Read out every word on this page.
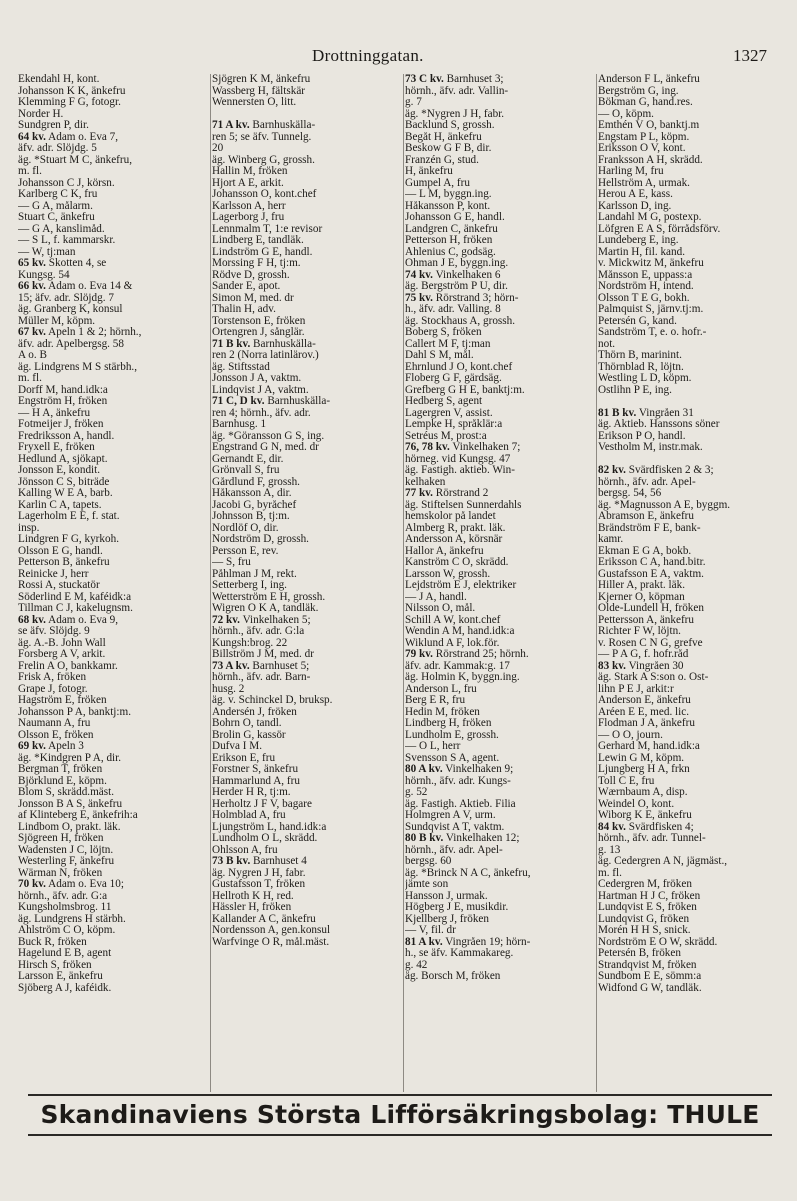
Drottninggatan.	1327
Ekendahl H, kont.
Johansson K K, änkefru
Klemming F G, fotogr.
Norder H.
Sundgren P, dir.
64 kv. Adam o. Eva 7,
äfv. adr. Slöjdg. 5
äg. *Stuart M C, änkefru,
m. fl.
Johansson C J, körsn.
Karlberg C K, fru
— G A, målarm.
Stuart C, änkefru
— G A, kanslimåd.
— S L, f. kammarskr.
— W, tj:man
65 kv. Skotten 4, se
Kungsg. 54
66 kv. Adam o. Eva 14 &
15; äfv. adr. Slöjdg. 7
äg. Granberg K, konsul
Müller M, köpm.
67 kv. Apeln 1 & 2; hörnh.,
äfv. adr. Apelbergsg. 58
A o. B
äg. Lindgrens M S stärbh.,
m. fl.
Dorff M, hand.idk:a
Engström H, fröken
— H A, änkefru
Fotmeijer J, fröken
Fredriksson A, handl.
Fryxell E, fröken
Hedlund A, sjökapt.
Jonsson E, kondit.
Jönsson C S, biträde
Kalling W E A, barb.
Karlin C A, tapets.
Lagerholm E E, f. stat.
insp.
Lindgren F G, kyrkoh.
Olsson E G, handl.
Petterson B, änkefru
Reinicke J, herr
Rossi A, stuckatör
Söderlind E M, kaféidk:a
Tillman C J, kakelugnsm.
68 kv. Adam o. Eva 9,
se äfv. Slöjdg. 9
äg. A.-B. John Wall
Forsberg A V, arkit.
Frelin A O, bankkamr.
Frisk A, fröken
Grape J, fotogr.
Hagström E, fröken
Johansson P A, banktj:m.
Naumann A, fru
Olsson E, fröken
69 kv. Apeln 3
äg. *Kindgren P A, dir.
Bergman T, fröken
Björklund E, köpm.
Blom S, skrädd.mäst.
Jonsson B A S, änkefru
af Klinteberg E, änkefrih:a
Lindbom O, prakt. läk.
Sjögreen H, fröken
Wadensten J C, löjtn.
Westerling F, änkefru
Wärman N, fröken
70 kv. Adam o. Eva 10;
hörnh., äfv. adr. G:a
Kungsholmsbrog. 11
äg. Lundgrens H stärbh.
Ahlström C O, köpm.
Buck R, fröken
Hagelund E B, agent
Hirsch S, fröken
Larsson E, änkefru
Sjöberg A J, kaféidk.
Sjögren K M, änkefru
Wassberg H, fältskär
Wennersten O, litt.
71 A kv. Barnhuskälla-
ren 5; se äfv. Tunnelg.
20
äg. Winberg G, grossh.
Hallin M, fröken
Hjort A E, arkit.
Johansson O, kont.chef
Karlsson A, herr
Lagerborg J, fru
Lennmalm T, 1:e revisor
Lindberg E, tandläk.
Lindström G E, handl.
Morssing F H, tj:m.
Rödve D, grossh.
Sander E, apot.
Simon M, med. dr
Thalin H, adv.
Torstenson E, fröken
Örtengren J, sånglär.
71 B kv. Barnhuskälla-
ren 2 (Norra latinlärov.)
äg. Stiftsstad
Jonsson J A, vaktm.
Lindqvist J A, vaktm.
71 C, D kv. Barnhuskälla-
ren 4; hörnh., äfv. adr.
Barnhusg. 1
äg. *Göransson G S, ing.
Engstrand G N, med. dr
Gernandt E, dir.
Grönvall S, fru
Gårdlund F, grossh.
Håkansson A, dir.
Jacobi G, byråchef
Johnsson B, tj:m.
Nordlöf O, dir.
Nordström D, grossh.
Persson E, rev.
— S, fru
Påhlman J M, rekt.
Setterberg I, ing.
Wetterström E H, grossh.
Wigren O K A, tandläk.
72 kv. Vinkelhaken 5;
hörnh., äfv. adr. G:la
Kungsh:brog. 22
Billström J M, med. dr
73 A kv. Barnhuset 5;
hörnh., äfv. adr. Barn-
husg. 2
äg. v. Schinckel D, bruksp.
Andersén J, fröken
Bohrn O, tandl.
Brolin G, kassör
Dufva I M.
Erikson E, fru
Forstner S, änkefru
Hammarlund A, fru
Herder H R, tj:m.
Herholtz J F V, bagare
Holmblad A, fru
Ljungström L, hand.idk:a
Lundholm O L, skrädd.
Ohlsson A, fru
73 B kv. Barnhuset 4
äg. Nygren J H, fabr.
Gustafsson T, fröken
Hellroth K H, red.
Hässler H, fröken
Kallander A C, änkefru
Nordensson A, gen.konsul
Warfvinge O R, mål.mäst.
73 C kv. Barnhuset 3;
hörnh., äfv. adr. Vallin-
g. 7
äg. *Nygren J H, fabr.
Backlund S, grossh.
Begåt H, änkefru
Beskow G F B, dir.
Franzén G, stud.
H, änkefru
Gumpel A, fru
— L M, byggn.ing.
Håkansson P, kont.
Johansson G E, handl.
Landgren C, änkefru
Petterson H, fröken
Åhlenius C, godsäg.
Öhman J E, byggn.ing.
74 kv. Vinkelhaken 6
äg. Bergström P U, dir.
75 kv. Rörstrand 3; hörn-
h., äfv. adr. Valling. 8
äg. Stockhaus A, grossh.
Boberg S, fröken
Callert M F, tj:man
Dahl S M, mål.
Ehrnlund J O, kont.chef
Floberg G F, gärdsäg.
Grefberg G H E, banktj:m.
Hedberg S, agent
Lagergren V, assist.
Lempke H, språklär:a
Setréus M, prost:a
76, 78 kv. Vinkelhaken 7;
hörneg. vid Kungsg. 47
äg. Fastigh. aktieb. Win-
kelhaken
77 kv. Rörstrand 2
äg. Stiftelsen Sunnerdahls
hemskolor på landet
Almberg R, prakt. läk.
Andersson A, körsnär
Hallor A, änkefru
Kanström C O, skrädd.
Larsson W, grossh.
Lejdström E J, elektriker
— J A, handl.
Nilsson O, mål.
Schill A W, kont.chef
Wendin A M, hand.idk:a
Wiklund A F, lok.för.
79 kv. Rörstrand 25; hörnh.
äfv. adr. Kammak:g. 17
äg. Holmin K, byggn.ing.
Anderson L, fru
Berg E R, fru
Hedin M, fröken
Lindberg H, fröken
Lundholm E, grossh.
— O L, herr
Svensson S A, agent.
80 A kv. Vinkelhaken 9;
hörnh., äfv. adr. Kungs-
g. 52
äg. Fastigh. Aktieb. Filia
Holmgren A V, urm.
Sundqvist A T, vaktm.
80 B kv. Vinkelhaken 12;
hörnh., äfv. adr. Apel-
bergsg. 60
äg. *Brinck N A C, änkefru,
jämte son
Hansson J, urmak.
Högberg J E, musikdir.
Kjellberg J, fröken
— V, fil. dr
81 A kv. Vingråen 19; hörn-
h., se äfv. Kammakareg.
g. 42
äg. Borsch M, fröken
Anderson F L, änkefru
Bergström G, ing.
Bökman G, hand.res.
— O, köpm.
Emthén V O, banktj.m
Engstam P L, köpm.
Eriksson O V, kont.
Franksson A H, skrädd.
Harling M, fru
Hellström A, urmak.
Herou A E, kass.
Karlsson D, ing.
Landahl M G, postexp.
Löfgren E A S, förrådsförv.
Lundeberg E, ing.
Martin H, fil. kand.
v. Mickwitz M, änkefru
Månsson E, uppass:a
Nordström H, intend.
Olsson T E G, bokh.
Palmquist S, järnv.tj:m.
Petersén G, kand.
Sandström T, e. o. hofr.-
not.
Thörn B, marinint.
Thörnblad R, löjtn.
Westling L D, köpm.
Östlihn P E, ing.
81 B kv. Vingråen 31
äg. Aktieb. Hanssons söner
Erikson P O, handl.
Vestholm M, instr.mak.
82 kv. Svärdfisken 2 & 3;
hörnh., äfv. adr. Apel-
bergsg. 54, 56
äg. *Magnusson A E, byggm.
Abramson E, änkefru
Brändström F E, bank-
kamr.
Ekman E G A, bokb.
Eriksson C A, hand.bitr.
Gustafsson E A, vaktm.
Hiller A, prakt. läk.
Kjerner O, köpman
Olde-Lundell H, fröken
Pettersson A, änkefru
Richter F W, löjtn.
v. Rosen C N G, grefve
— P A G, f. hofr.råd
83 kv. Vingråen 30
äg. Stark A S:son o. Öst-
lihn P E J, arkit:r
Anderson E, änkefru
Aréen E E, med. lic.
Flodman J A, änkefru
— O O, journ.
Gerhard M, hand.idk:a
Lewin G M, köpm.
Ljungberg H A, frkn
Toll C E, fru
Wærnbaum A, disp.
Weindel O, kont.
Wiborg K E, änkefru
84 kv. Svärdfisken 4;
hörnh., äfv. adr. Tunnel-
g. 13
äg. Cedergren A N, jägmäst.,
m. fl.
Cedergren M, fröken
Hartman H J C, fröken
Lundqvist E S, fröken
Lundqvist G, fröken
Morén H H S, snick.
Nordström E O W, skrädd.
Petersén B, fröken
Strandqvist M, fröken
Sundbom E E, sömm:a
Widfond G W, tandläk.
Skandinaviens Största Lifförsäkringsbolag: THULE
